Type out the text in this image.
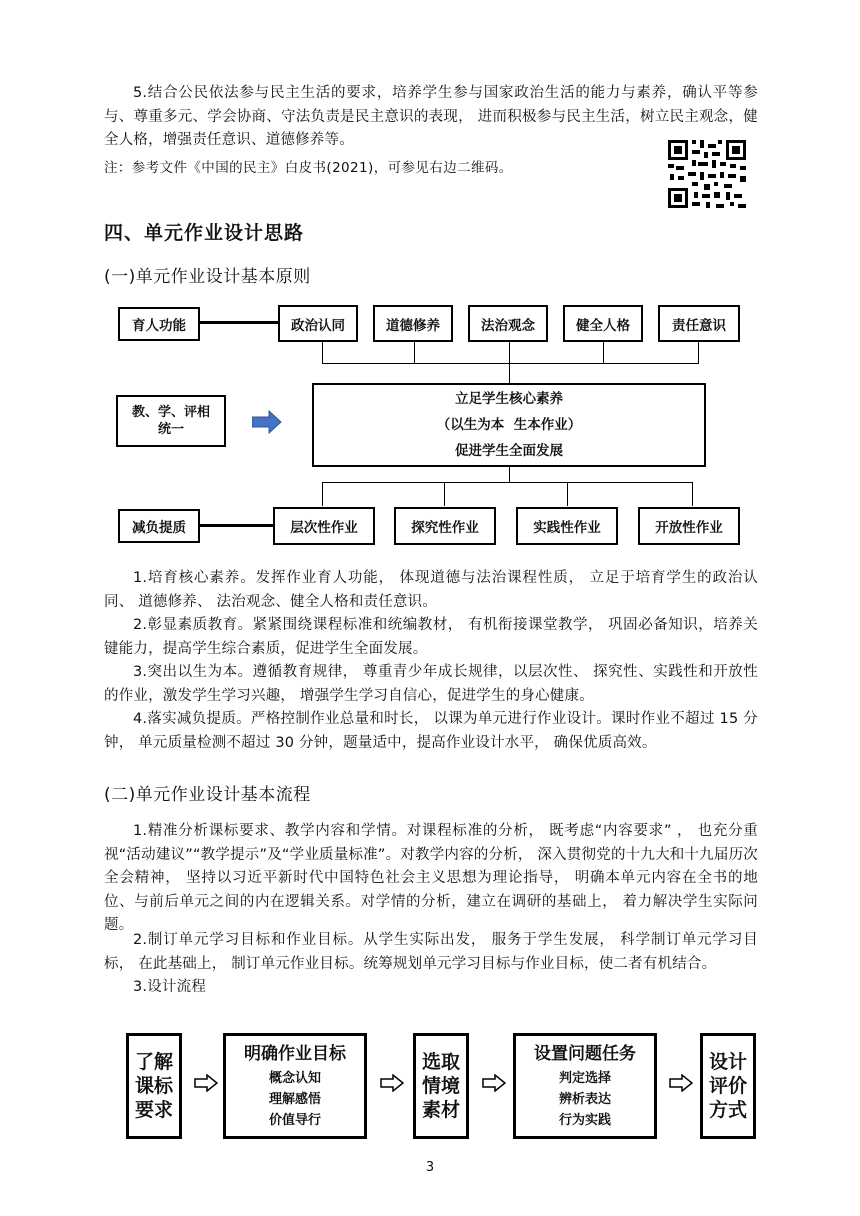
5.结合公民依法参与民主生活的要求，培养学生参与国家政治生活的能力与素养，确认平等参与、尊重多元、学会协商、守法负责是民主意识的表现， 进而积极参与民主生活，树立民主观念，健全人格，增强责任意识、道德修养等。

注：参考文件《中国的民主》白皮书(2021)，可参见右边二维码。
四、单元作业设计思路
(一)单元作业设计基本原则
育人功能
教、学、评相统一
减负提质
政治认同	道德修养	法治观念	健全人格	责任意识
立足学生核心素养
（以生为本  生本作业）
促进学生全面发展
层次性作业	探究性作业	实践性作业	开放性作业

1.培育核心素养。发挥作业育人功能， 体现道德与法治课程性质， 立足于培育学生的政治认同、 道德修养、 法治观念、健全人格和责任意识。

2.彰显素质教育。紧紧围绕课程标准和统编教材， 有机衔接课堂教学， 巩固必备知识，培养关键能力，提高学生综合素质，促进学生全面发展。

3.突出以生为本。遵循教育规律， 尊重青少年成长规律，以层次性、 探究性、实践性和开放性的作业，激发学生学习兴趣， 增强学生学习自信心，促进学生的身心健康。

4.落实减负提质。严格控制作业总量和时长， 以课为单元进行作业设计。课时作业不超过 15 分钟， 单元质量检测不超过 30 分钟，题量适中，提高作业设计水平， 确保优质高效。

(二)单元作业设计基本流程

1.精准分析课标要求、教学内容和学情。对课程标准的分析， 既考虑“内容要求” ， 也充分重视“活动建议”“教学提示”及“学业质量标准”。对教学内容的分析， 深入贯彻党的十九大和十九届历次全会精神， 坚持以习近平新时代中国特色社会主义思想为理论指导， 明确本单元内容在全书的地位、与前后单元之间的内在逻辑关系。对学情的分析，建立在调研的基础上， 着力解决学生实际问题。

2.制订单元学习目标和作业目标。从学生实际出发， 服务于学生发展， 科学制订单元学习目标， 在此基础上， 制订单元作业目标。统筹规划单元学习目标与作业目标，使二者有机结合。

3.设计流程

了解课标要求
明确作业目标
概念认知
理解感悟
价值导行
选取情境素材
设置问题任务
判定选择
辨析表达
行为实践
设计评价方式
3
